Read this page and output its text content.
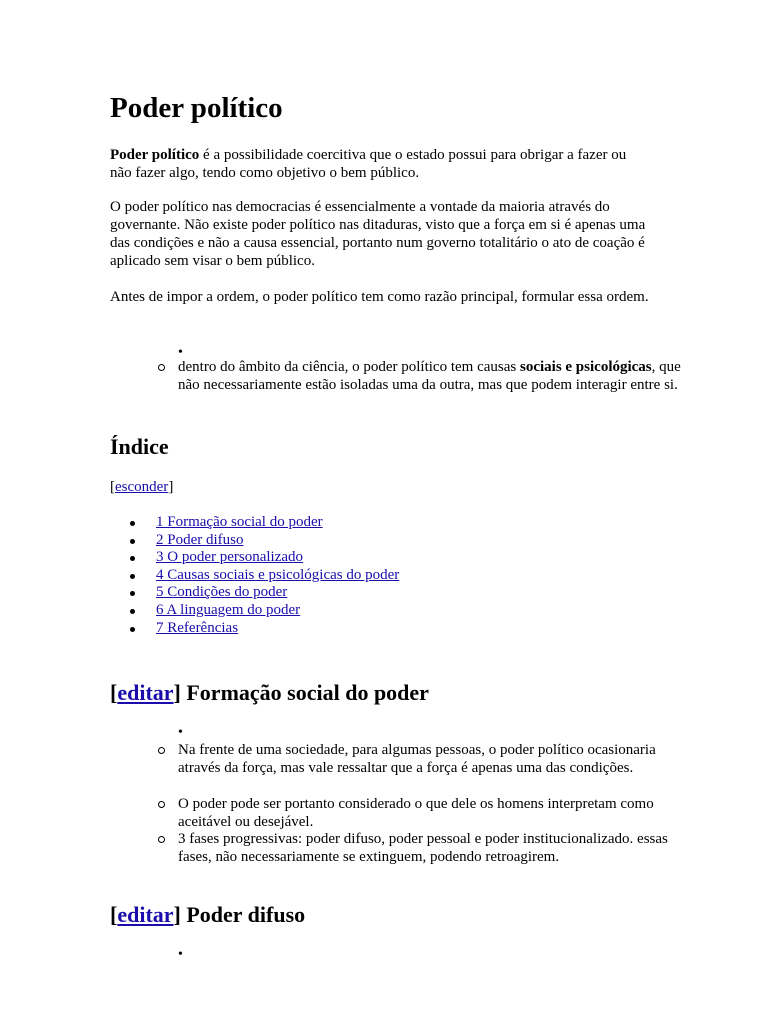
Poder político

Poder político é a possibilidade coercitiva que o estado possui para obrigar a fazer ou não fazer algo, tendo como objetivo o bem público.

O poder político nas democracias é essencialmente a vontade da maioria através do governante. Não existe poder político nas ditaduras, visto que a força em si é apenas uma das condições e não a causa essencial, portanto num governo totalitário o ato de coação é aplicado sem visar o bem público.

Antes de impor a ordem, o poder político tem como razão principal, formular essa ordem.

•
dentro do âmbito da ciência, o poder político tem causas sociais e psicológicas, que não necessariamente estão isoladas uma da outra, mas que podem interagir entre si.
Índice
[esconder]
1 Formação social do poder
2 Poder difuso
3 O poder personalizado
4 Causas sociais e psicológicas do poder
5 Condições do poder
6 A linguagem do poder
7 Referências
[editar] Formação social do poder
•
Na frente de uma sociedade, para algumas pessoas, o poder político ocasionaria através da força, mas vale ressaltar que a força é apenas uma das condições.
O poder pode ser portanto considerado o que dele os homens interpretam como aceitável ou desejável.
3 fases progressivas: poder difuso, poder pessoal e poder institucionalizado. essas fases, não necessariamente se extinguem, podendo retroagirem.
[editar] Poder difuso
•
